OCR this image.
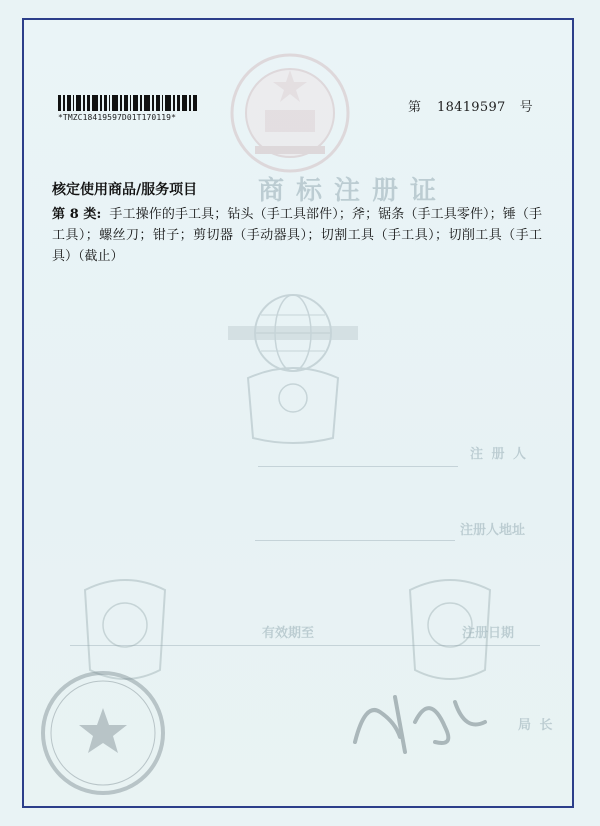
商标注册证
*TMZC18419597D01T170119*
第 18419597 号
核定使用商品/服务项目
第 8 类: 手工操作的手工具；钻头（手工具部件）；斧；锯条（手工具零件）；锤（手工具）；螺丝刀；钳子；剪切器（手动器具）；切割工具（手工具）；切削工具（手工具）（截止）
注 册 人
注册人地址
注册日期
有效期至
局 长
